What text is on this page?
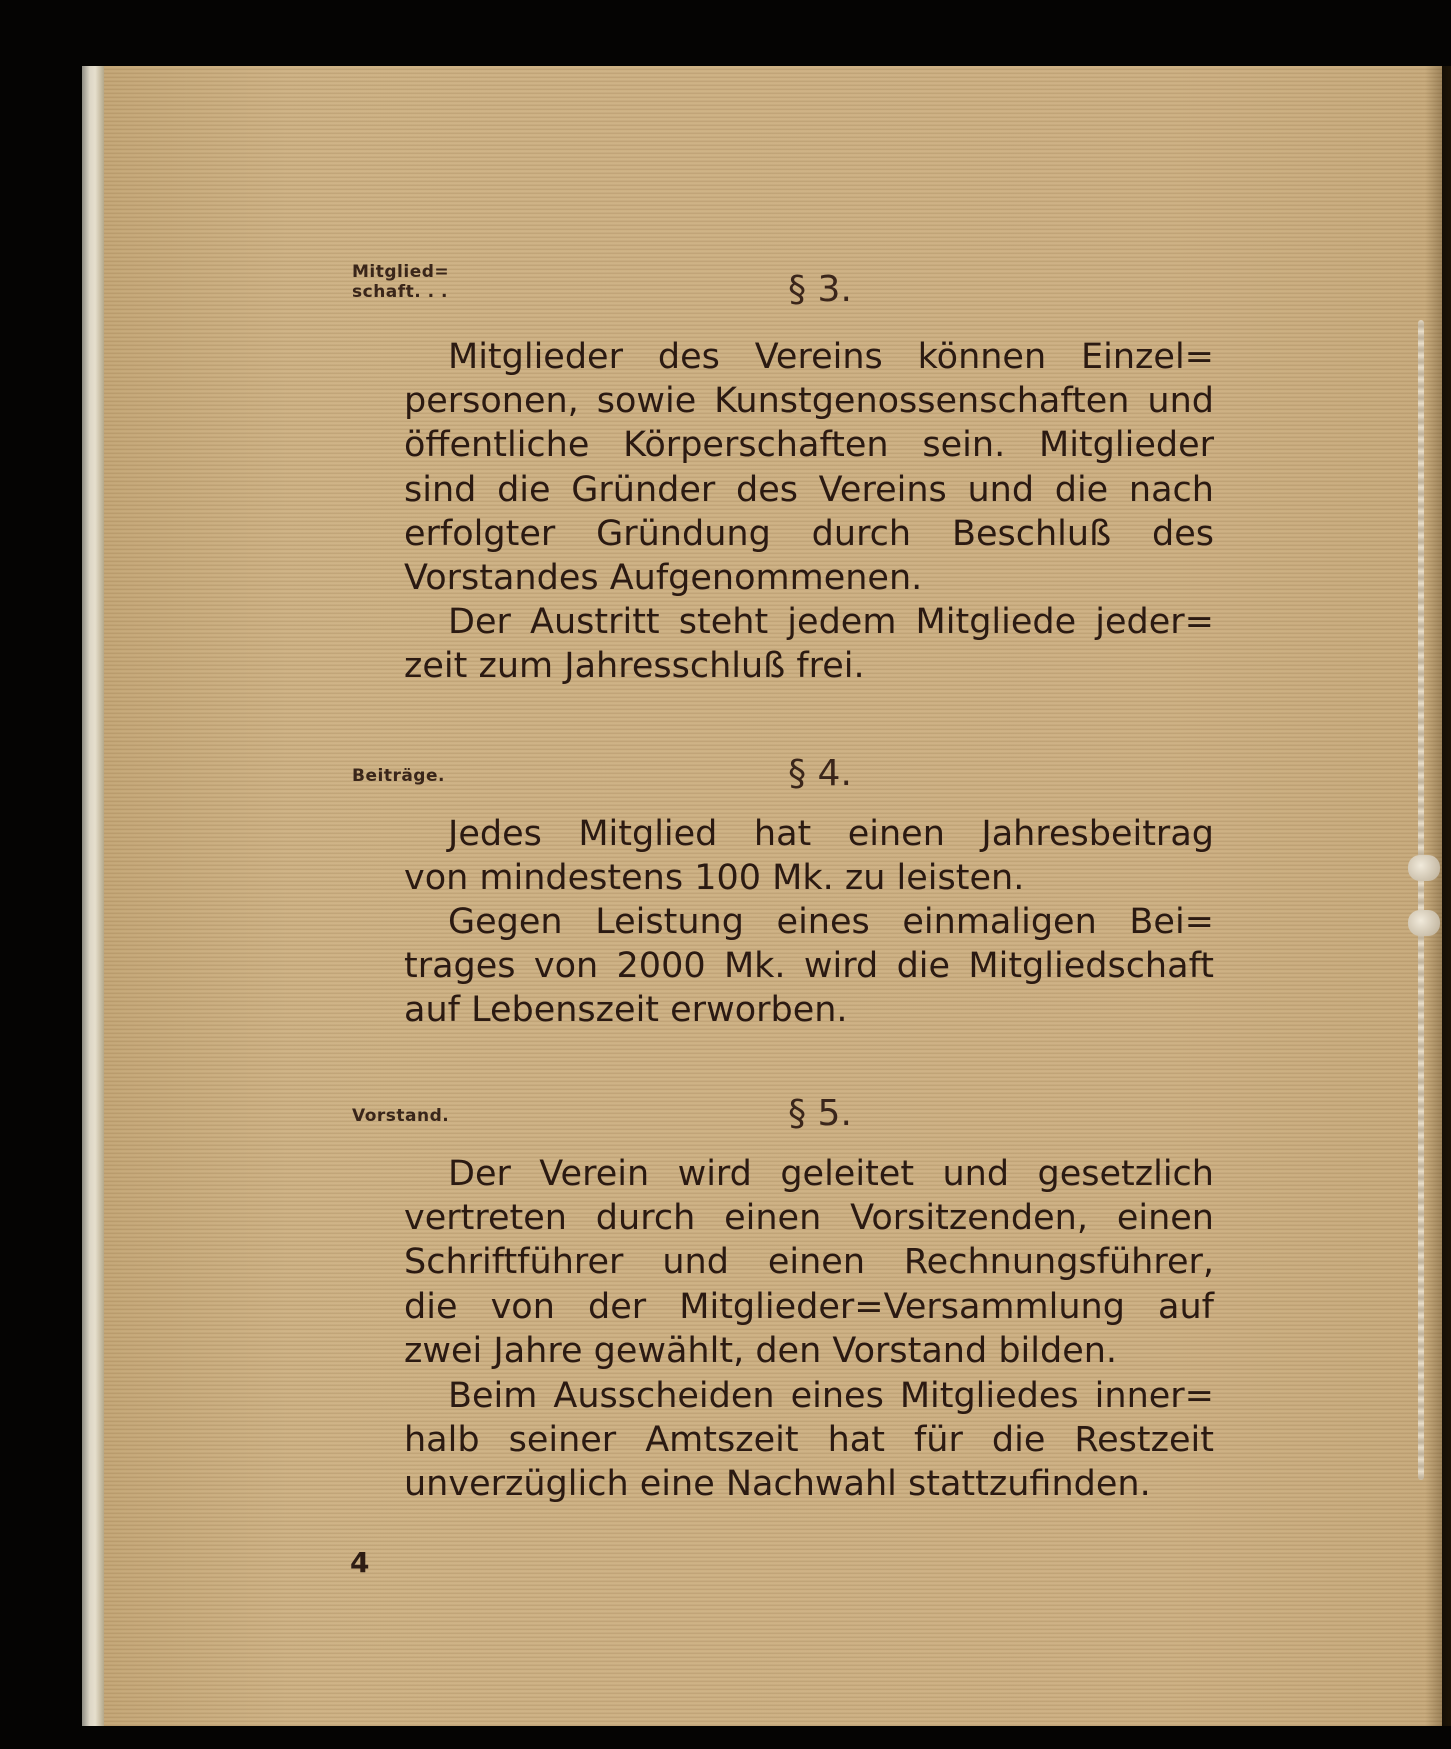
Mitglied=
schaft. . .	§ 3.
Mitglieder des Vereins können Einzel=
personen, sowie Kunstgenossenschaften und
öffentliche Körperschaften sein. Mitglieder
sind die Gründer des Vereins und die nach
erfolgter Gründung durch Beschluß des
Vorstandes Aufgenommenen.
Der Austritt steht jedem Mitgliede jeder=
zeit zum Jahresschluß frei.
Beiträge.	§ 4.
Jedes Mitglied hat einen Jahresbeitrag
von mindestens 100 Mk. zu leisten.
Gegen Leistung eines einmaligen Bei=
trages von 2000 Mk. wird die Mitgliedschaft
auf Lebenszeit erworben.
Vorstand.	§ 5.
Der Verein wird geleitet und gesetzlich
vertreten durch einen Vorsitzenden, einen
Schriftführer und einen Rechnungsführer,
die von der Mitglieder=Versammlung auf
zwei Jahre gewählt, den Vorstand bilden.
Beim Ausscheiden eines Mitgliedes inner=
halb seiner Amtszeit hat für die Restzeit
unverzüglich eine Nachwahl stattzufinden.
4
